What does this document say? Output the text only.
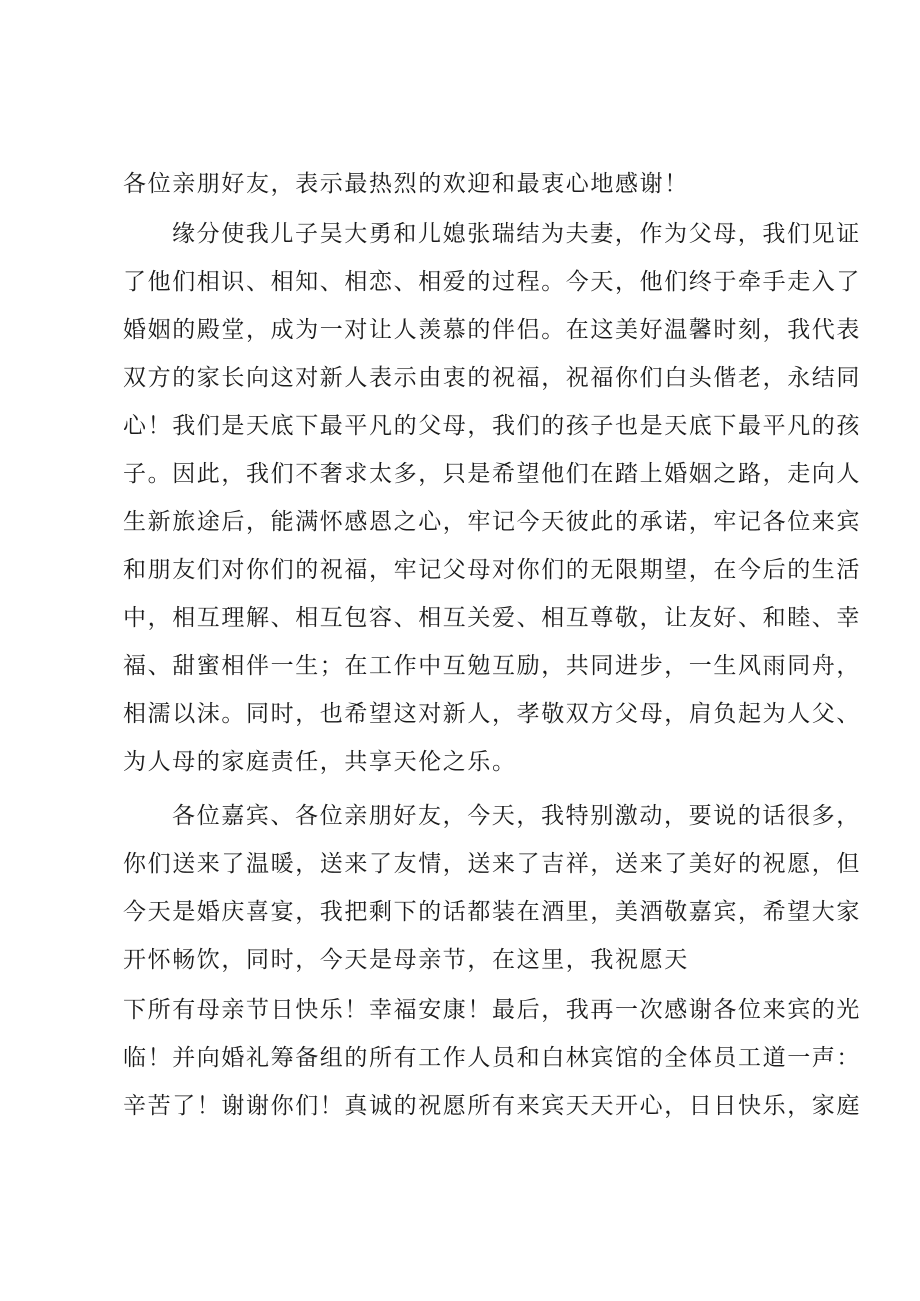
各位亲朋好友，表示最热烈的欢迎和最衷心地感谢！
缘分使我儿子吴大勇和儿媳张瑞结为夫妻，作为父母，我们见证
了他们相识、相知、相恋、相爱的过程。今天，他们终于牵手走入了
婚姻的殿堂，成为一对让人羡慕的伴侣。在这美好温馨时刻，我代表
双方的家长向这对新人表示由衷的祝福，祝福你们白头偕老，永结同
心！我们是天底下最平凡的父母，我们的孩子也是天底下最平凡的孩
子。因此，我们不奢求太多，只是希望他们在踏上婚姻之路，走向人
生新旅途后，能满怀感恩之心，牢记今天彼此的承诺，牢记各位来宾
和朋友们对你们的祝福，牢记父母对你们的无限期望，在今后的生活
中，相互理解、相互包容、相互关爱、相互尊敬，让友好、和睦、幸
福、甜蜜相伴一生；在工作中互勉互励，共同进步，一生风雨同舟，
相濡以沫。同时，也希望这对新人，孝敬双方父母，肩负起为人父、
为人母的家庭责任，共享天伦之乐。
各位嘉宾、各位亲朋好友，今天，我特别激动，要说的话很多，
你们送来了温暖，送来了友情，送来了吉祥，送来了美好的祝愿，但
今天是婚庆喜宴，我把剩下的话都装在酒里，美酒敬嘉宾，希望大家
开怀畅饮，同时，今天是母亲节，在这里，我祝愿天
下所有母亲节日快乐！幸福安康！最后，我再一次感谢各位来宾的光
临！并向婚礼筹备组的所有工作人员和白林宾馆的全体员工道一声：
辛苦了！谢谢你们！真诚的祝愿所有来宾天天开心，日日快乐，家庭
